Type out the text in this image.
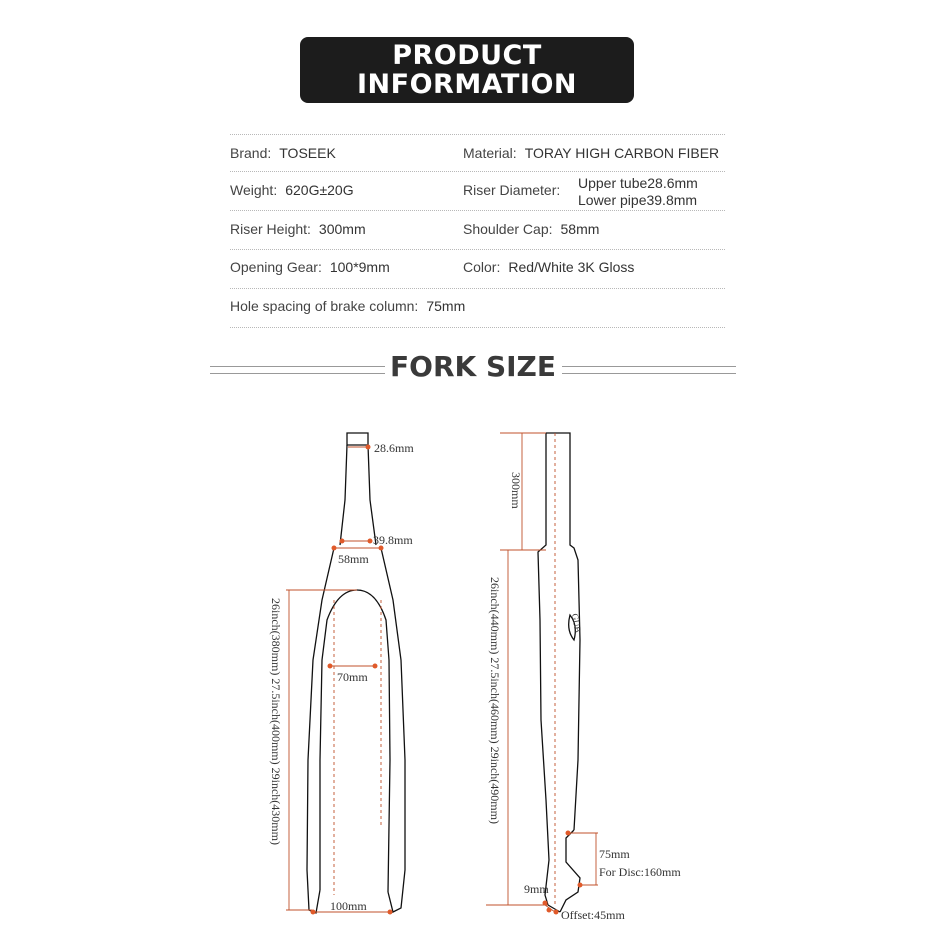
PRODUCT
INFORMATION
Brand: TOSEEK	Material: TORAY HIGH CARBON FIBER
Weight: 620G±20G	Riser Diameter:	Upper tube28.6mm
Lower pipe39.8mm
Riser Height: 300mm	Shoulder Cap: 58mm
Opening Gear: 100*9mm	Color: Red/White 3K Gloss
Hole spacing of brake column: 75mm
FORK SIZE
28.6mm
39.8mm
58mm
70mm
100mm
26inch(380mm) 27.5inch(400mm) 29inch(430mm)
300mm
26inch(440mm) 27.5inch(460mm) 29inch(490mm)
75mm
For Disc:160mm
9mm
Offset:45mm
GUB
